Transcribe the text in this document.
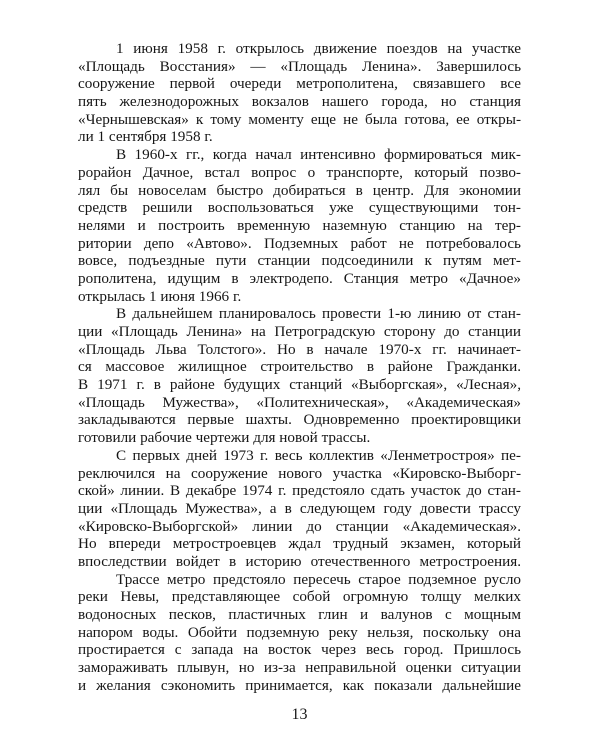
1 июня 1958 г. открылось движение поездов на участке
«Площадь Восстания» — «Площадь Ленина». Завершилось
сооружение первой очереди метрополитена, связавшего все
пять железнодорожных вокзалов нашего города, но станция
«Чернышевская» к тому моменту еще не была готова, ее откры-
ли 1 сентября 1958 г.
В 1960-х гг., когда начал интенсивно формироваться мик-
рорайон Дачное, встал вопрос о транспорте, который позво-
лял бы новоселам быстро добираться в центр. Для экономии
средств решили воспользоваться уже существующими тон-
нелями и построить временную наземную станцию на тер-
ритории депо «Автово». Подземных работ не потребовалось
вовсе, подъездные пути станции подсоединили к путям мет-
рополитена, идущим в электродепо. Станция метро «Дачное»
открылась 1 июня 1966 г.
В дальнейшем планировалось провести 1-ю линию от стан-
ции «Площадь Ленина» на Петроградскую сторону до станции
«Площадь Льва Толстого». Но в начале 1970-х гг. начинает-
ся массовое жилищное строительство в районе Гражданки.
В 1971 г. в районе будущих станций «Выборгская», «Лесная»,
«Площадь Мужества», «Политехническая», «Академическая»
закладываются первые шахты. Одновременно проектировщики
готовили рабочие чертежи для новой трассы.
С первых дней 1973 г. весь коллектив «Ленметростроя» пе-
реключился на сооружение нового участка «Кировско-Выборг-
ской» линии. В декабре 1974 г. предстояло сдать участок до стан-
ции «Площадь Мужества», а в следующем году довести трассу
«Кировско-Выборгской» линии до станции «Академическая».
Но впереди метростроевцев ждал трудный экзамен, который
впоследствии войдет в историю отечественного метростроения.
Трассе метро предстояло пересечь старое подземное русло
реки Невы, представляющее собой огромную толщу мелких
водоносных песков, пластичных глин и валунов с мощным
напором воды. Обойти подземную реку нельзя, поскольку она
простирается с запада на восток через весь город. Пришлось
замораживать плывун, но из-за неправильной оценки ситуации
и желания сэкономить принимается, как показали дальнейшие
13
